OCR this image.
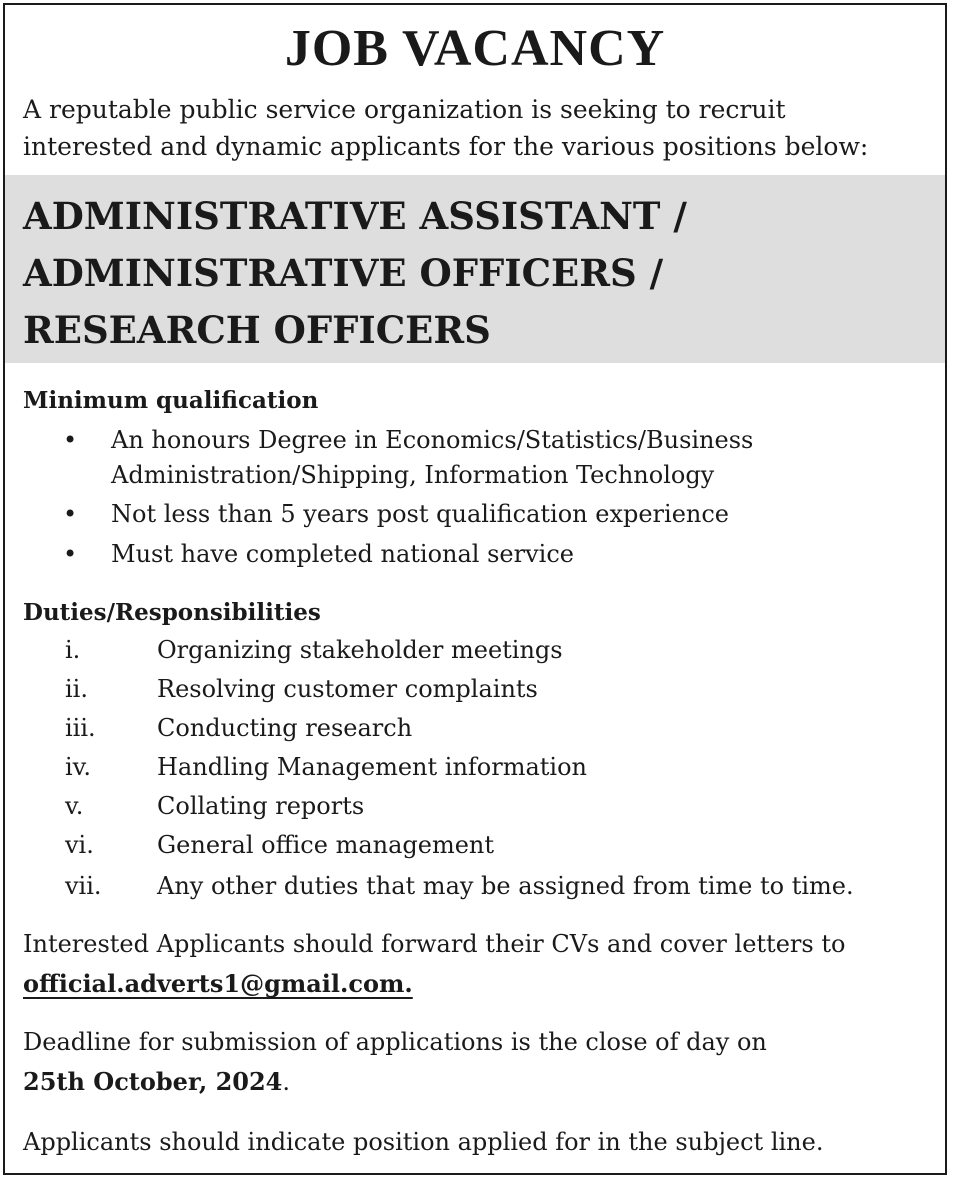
JOB VACANCY
A reputable public service organization is seeking to recruit
interested and dynamic applicants for the various positions below:
ADMINISTRATIVE ASSISTANT /
ADMINISTRATIVE OFFICERS /
RESEARCH OFFICERS
Minimum qualification
• An honours Degree in Economics/Statistics/Business
Administration/Shipping, Information Technology
• Not less than 5 years post qualification experience
• Must have completed national service
Duties/Responsibilities
i.	Organizing stakeholder meetings
ii.	Resolving customer complaints
iii.	Conducting research
iv.	Handling Management information
v.	Collating reports
vi.	General office management
vii. Any other duties that may be assigned from time to time.
Interested Applicants should forward their CVs and cover letters to
official.adverts1@gmail.com.
Deadline for submission of applications is the close of day on
25th October, 2024.
Applicants should indicate position applied for in the subject line.
